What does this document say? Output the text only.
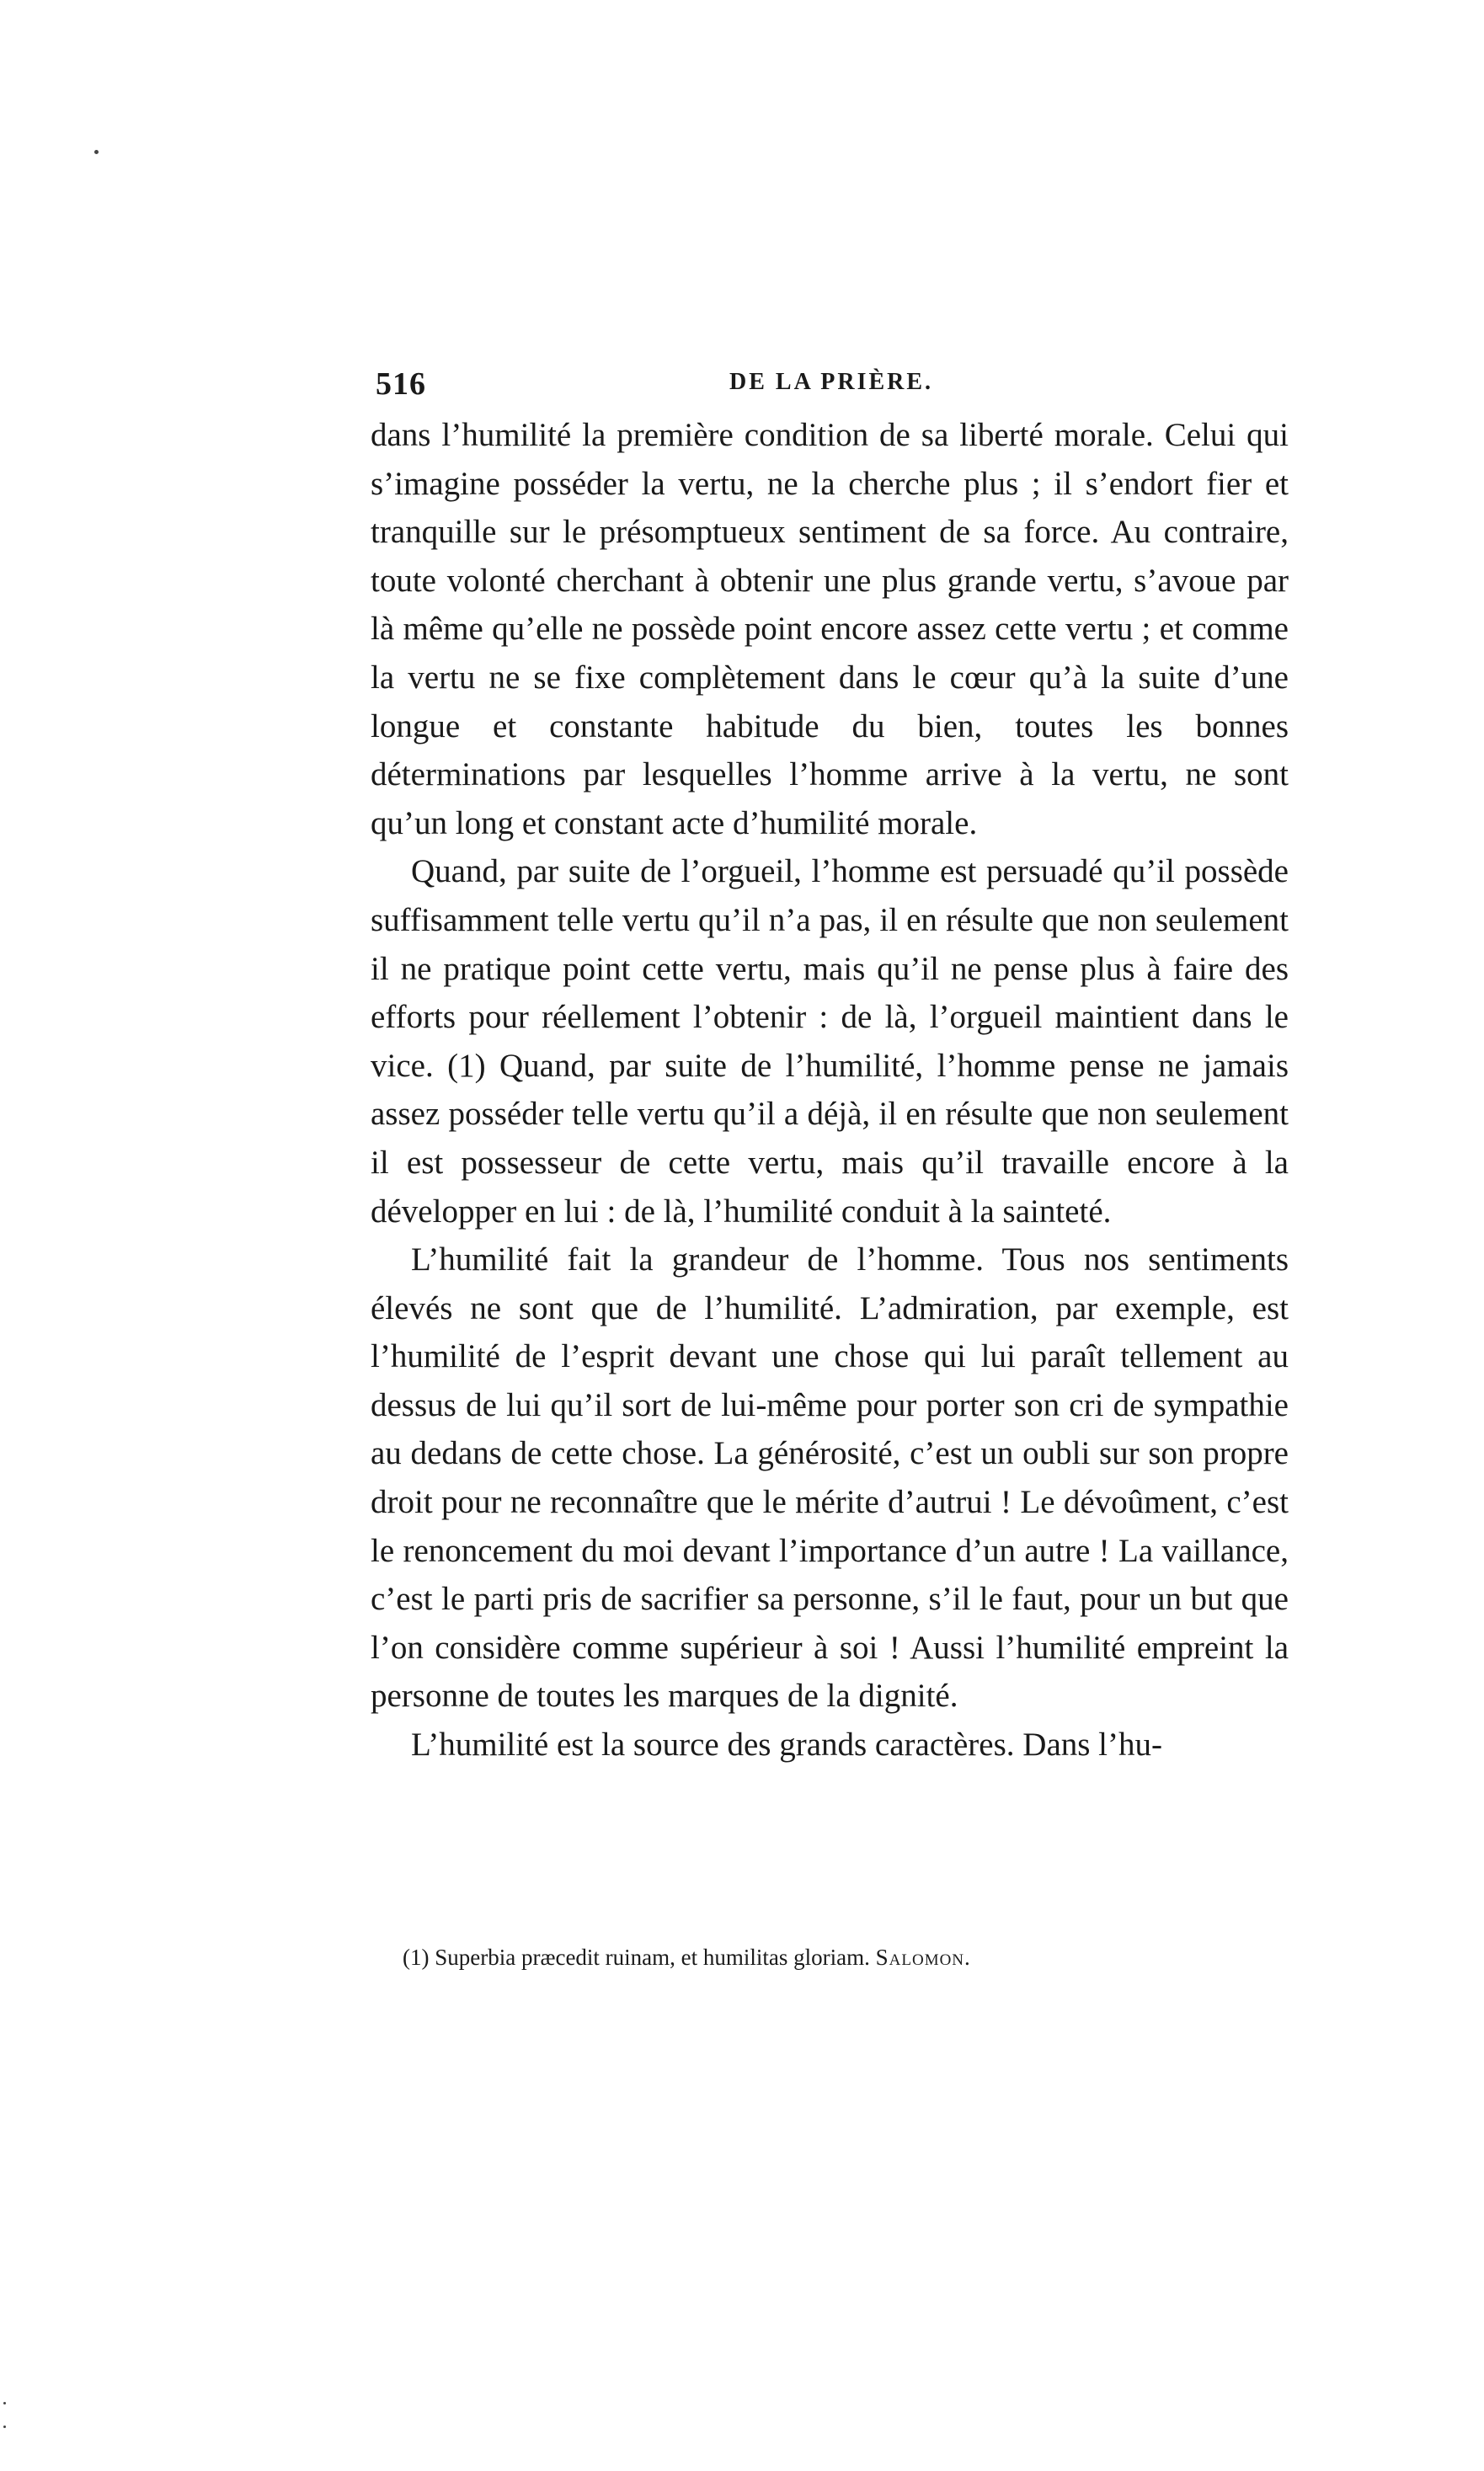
516	DE LA PRIÈRE.

dans l’humilité la première condition de sa liberté morale. Celui qui s’imagine posséder la vertu, ne la cherche plus ; il s’endort fier et tranquille sur le présomptueux sentiment de sa force. Au contraire, toute volonté cherchant à obtenir une plus grande vertu, s’avoue par là même qu’elle ne possède point encore assez cette vertu ; et comme la vertu ne se fixe complètement dans le cœur qu’à la suite d’une longue et constante habitude du bien, toutes les bonnes déterminations par lesquelles l’homme arrive à la vertu, ne sont qu’un long et constant acte d’humilité morale.

Quand, par suite de l’orgueil, l’homme est persuadé qu’il possède suffisamment telle vertu qu’il n’a pas, il en résulte que non seulement il ne pratique point cette vertu, mais qu’il ne pense plus à faire des efforts pour réellement l’obtenir : de là, l’orgueil maintient dans le vice. (1) Quand, par suite de l’humilité, l’homme pense ne jamais assez posséder telle vertu qu’il a déjà, il en résulte que non seulement il est possesseur de cette vertu, mais qu’il travaille encore à la développer en lui : de là, l’humilité conduit à la sainteté.

L’humilité fait la grandeur de l’homme. Tous nos sentiments élevés ne sont que de l’humilité. L’admiration, par exemple, est l’humilité de l’esprit devant une chose qui lui paraît tellement au dessus de lui qu’il sort de lui-même pour porter son cri de sympathie au dedans de cette chose. La générosité, c’est un oubli sur son propre droit pour ne reconnaître que le mérite d’autrui ! Le dévoûment, c’est le renoncement du moi devant l’importance d’un autre ! La vaillance, c’est le parti pris de sacrifier sa personne, s’il le faut, pour un but que l’on considère comme supérieur à soi ! Aussi l’humilité empreint la personne de toutes les marques de la dignité.

L’humilité est la source des grands caractères. Dans l’hu-

(1) Superbia præcedit ruinam, et humilitas gloriam. Salomon.
